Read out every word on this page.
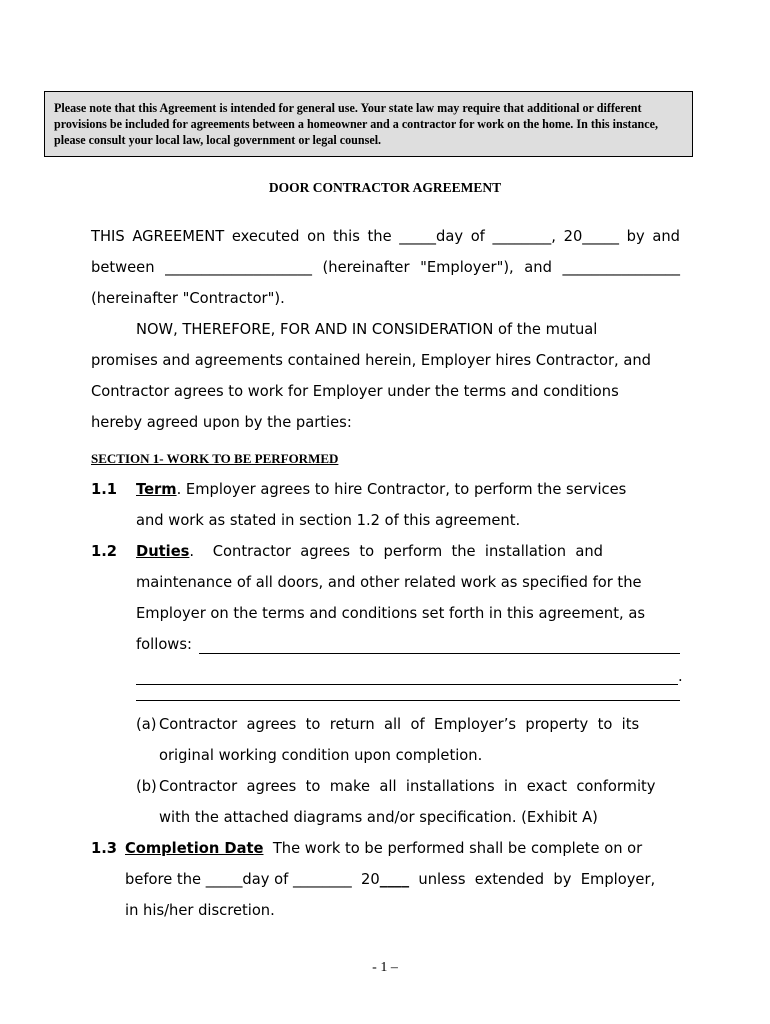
Please note that this Agreement is intended for general use. Your state law may require that additional or different provisions be included for agreements between a homeowner and a contractor for work on the home. In this instance, please consult your local law, local government or legal counsel.
DOOR CONTRACTOR AGREEMENT
THIS AGREEMENT executed on this the _____day of ________, 20_____ by and
between ____________________ (hereinafter "Employer"), and ________________
(hereinafter "Contractor").
NOW, THEREFORE, FOR AND IN CONSIDERATION of the mutual
promises and agreements contained herein, Employer hires Contractor, and
Contractor agrees to work for Employer under the terms and conditions
hereby agreed upon by the parties:
SECTION 1- WORK TO BE PERFORMED
1.1 Term. Employer agrees to hire Contractor, to perform the services
and work as stated in section 1.2 of this agreement.
1.2 Duties.    Contractor  agrees  to  perform  the  installation  and
maintenance of all doors, and other related work as specified for the
Employer on the terms and conditions set forth in this agreement, as
follows:
.
(a) Contractor  agrees  to  return  all  of  Employer’s  property  to  its
original working condition upon completion.
(b) Contractor  agrees  to  make  all  installations  in  exact  conformity
with the attached diagrams and/or specification. (Exhibit A)
1.3 Completion Date  The work to be performed shall be complete on or
before the _____day of ________  20____  unless  extended  by  Employer,
in his/her discretion.
- 1 –
